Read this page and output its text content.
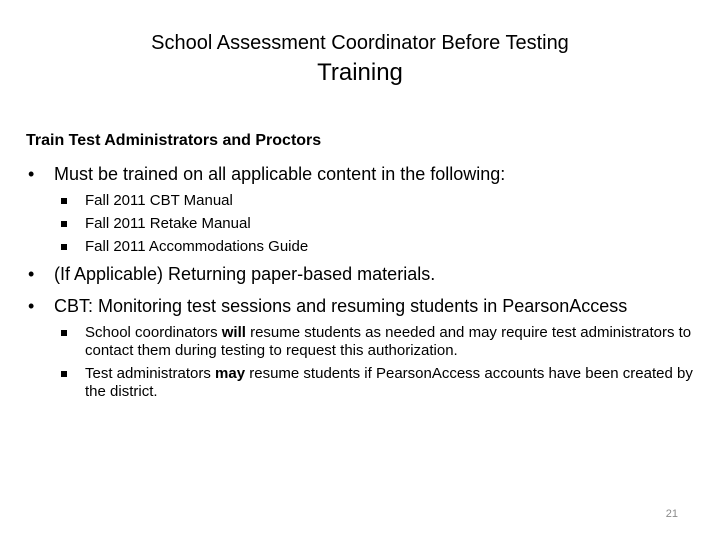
School Assessment Coordinator Before Testing
Training
Train Test Administrators and Proctors
• Must be trained on all applicable content in the following:
Fall 2011 CBT Manual
Fall 2011 Retake Manual
Fall 2011 Accommodations Guide
• (If Applicable) Returning paper-based materials.
• CBT: Monitoring test sessions and resuming students in PearsonAccess
School coordinators will resume students as needed and may require test administrators to contact them during testing to request this authorization.
Test administrators may resume students if PearsonAccess accounts have been created by the district.
21
